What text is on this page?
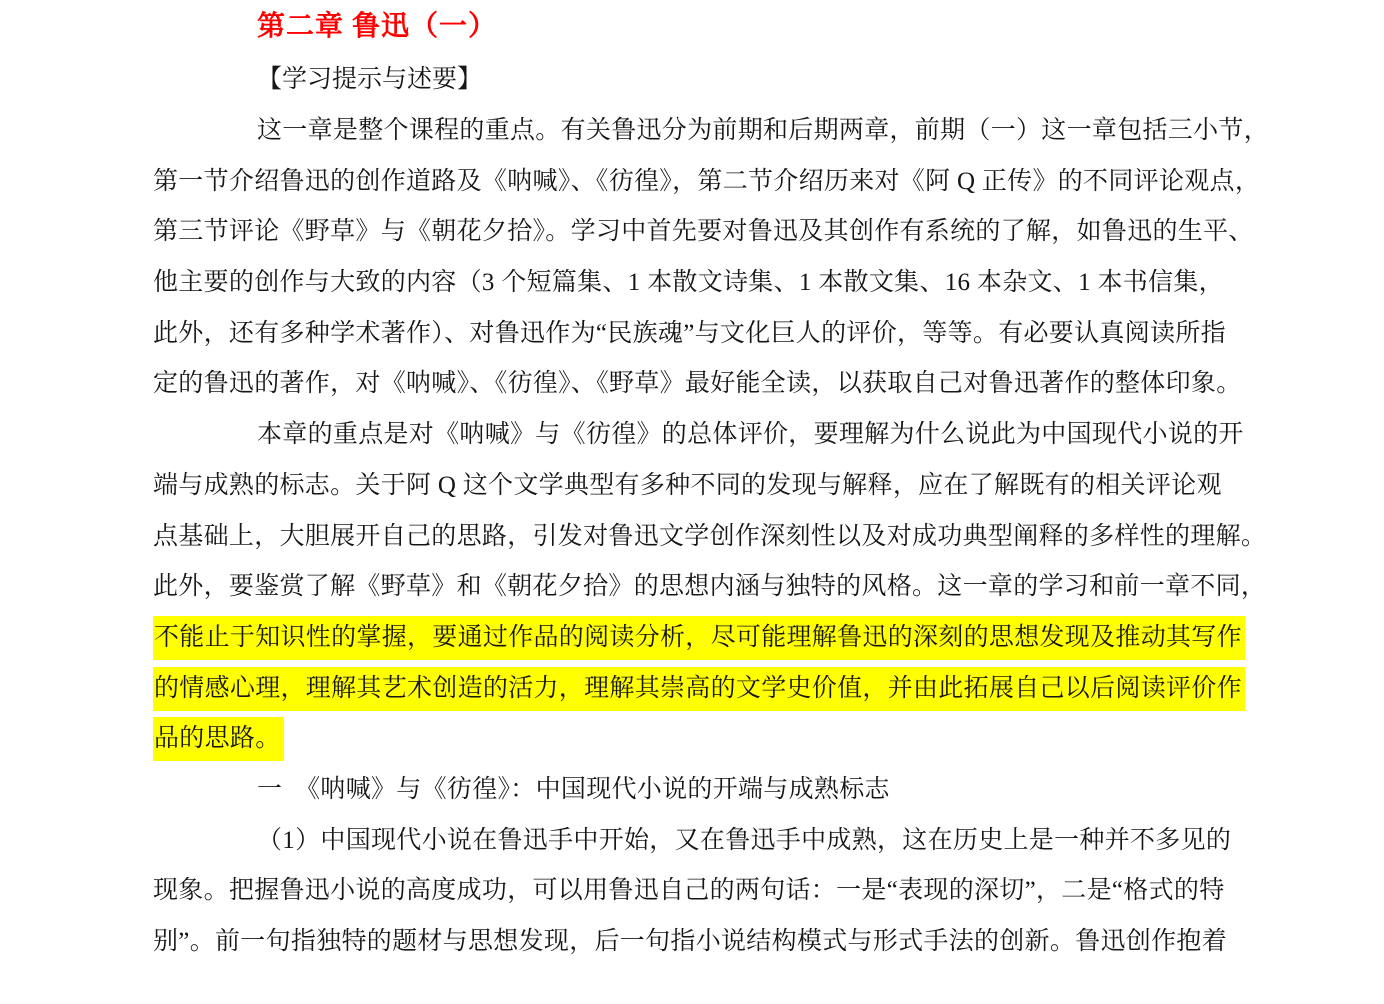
第二章 鲁迅（一）
【学习提示与述要】
这一章是整个课程的重点。有关鲁迅分为前期和后期两章，前期（一）这一章包括三小节，
第一节介绍鲁迅的创作道路及《呐喊》、《彷徨》，第二节介绍历来对《阿 Q 正传》的不同评论观点，
第三节评论《野草》与《朝花夕拾》。学习中首先要对鲁迅及其创作有系统的了解，如鲁迅的生平、
他主要的创作与大致的内容（3 个短篇集、1 本散文诗集、1 本散文集、16 本杂文、1 本书信集，
此外，还有多种学术著作）、对鲁迅作为“民族魂”与文化巨人的评价，等等。有必要认真阅读所指
定的鲁迅的著作，对《呐喊》、《彷徨》、《野草》最好能全读，以获取自己对鲁迅著作的整体印象。
本章的重点是对《呐喊》与《彷徨》的总体评价，要理解为什么说此为中国现代小说的开
端与成熟的标志。关于阿 Q 这个文学典型有多种不同的发现与解释，应在了解既有的相关评论观
点基础上，大胆展开自己的思路，引发对鲁迅文学创作深刻性以及对成功典型阐释的多样性的理解。
此外，要鉴赏了解《野草》和《朝花夕拾》的思想内涵与独特的风格。这一章的学习和前一章不同，
不能止于知识性的掌握，要通过作品的阅读分析，尽可能理解鲁迅的深刻的思想发现及推动其写作
的情感心理，理解其艺术创造的活力，理解其崇高的文学史价值，并由此拓展自己以后阅读评价作
品的思路。
一　《呐喊》与《彷徨》：中国现代小说的开端与成熟标志
（1）中国现代小说在鲁迅手中开始，又在鲁迅手中成熟，这在历史上是一种并不多见的
现象。把握鲁迅小说的高度成功，可以用鲁迅自己的两句话：一是“表现的深切”，二是“格式的特
别”。前一句指独特的题材与思想发现，后一句指小说结构模式与形式手法的创新。鲁迅创作抱着
